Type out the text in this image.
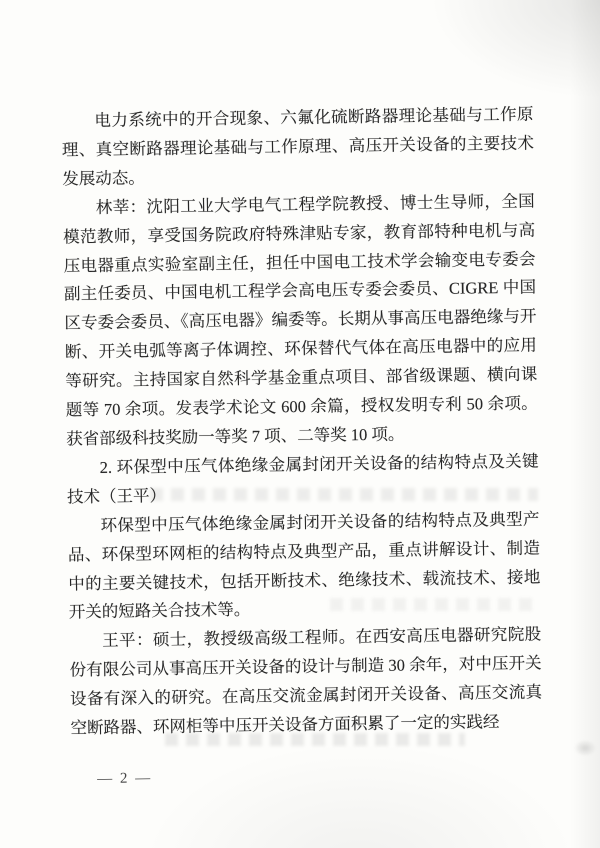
电力系统中的开合现象、六氟化硫断路器理论基础与工作原理、真空断路器理论基础与工作原理、高压开关设备的主要技术发展动态。

林莘：沈阳工业大学电气工程学院教授、博士生导师，全国模范教师，享受国务院政府特殊津贴专家，教育部特种电机与高压电器重点实验室副主任，担任中国电工技术学会输变电专委会副主任委员、中国电机工程学会高电压专委会委员、CIGRE 中国区专委会委员、《高压电器》编委等。长期从事高压电器绝缘与开断、开关电弧等离子体调控、环保替代气体在高压电器中的应用等研究。主持国家自然科学基金重点项目、部省级课题、横向课题等 70 余项。发表学术论文 600 余篇，授权发明专利 50 余项。获省部级科技奖励一等奖 7 项、二等奖 10 项。

2. 环保型中压气体绝缘金属封闭开关设备的结构特点及关键技术（王平）

环保型中压气体绝缘金属封闭开关设备的结构特点及典型产品、环保型环网柜的结构特点及典型产品，重点讲解设计、制造中的主要关键技术，包括开断技术、绝缘技术、载流技术、接地开关的短路关合技术等。

王平：硕士，教授级高级工程师。在西安高压电器研究院股份有限公司从事高压开关设备的设计与制造 30 余年，对中压开关设备有深入的研究。在高压交流金属封闭开关设备、高压交流真空断路器、环网柜等中压开关设备方面积累了一定的实践经

— 2 —
